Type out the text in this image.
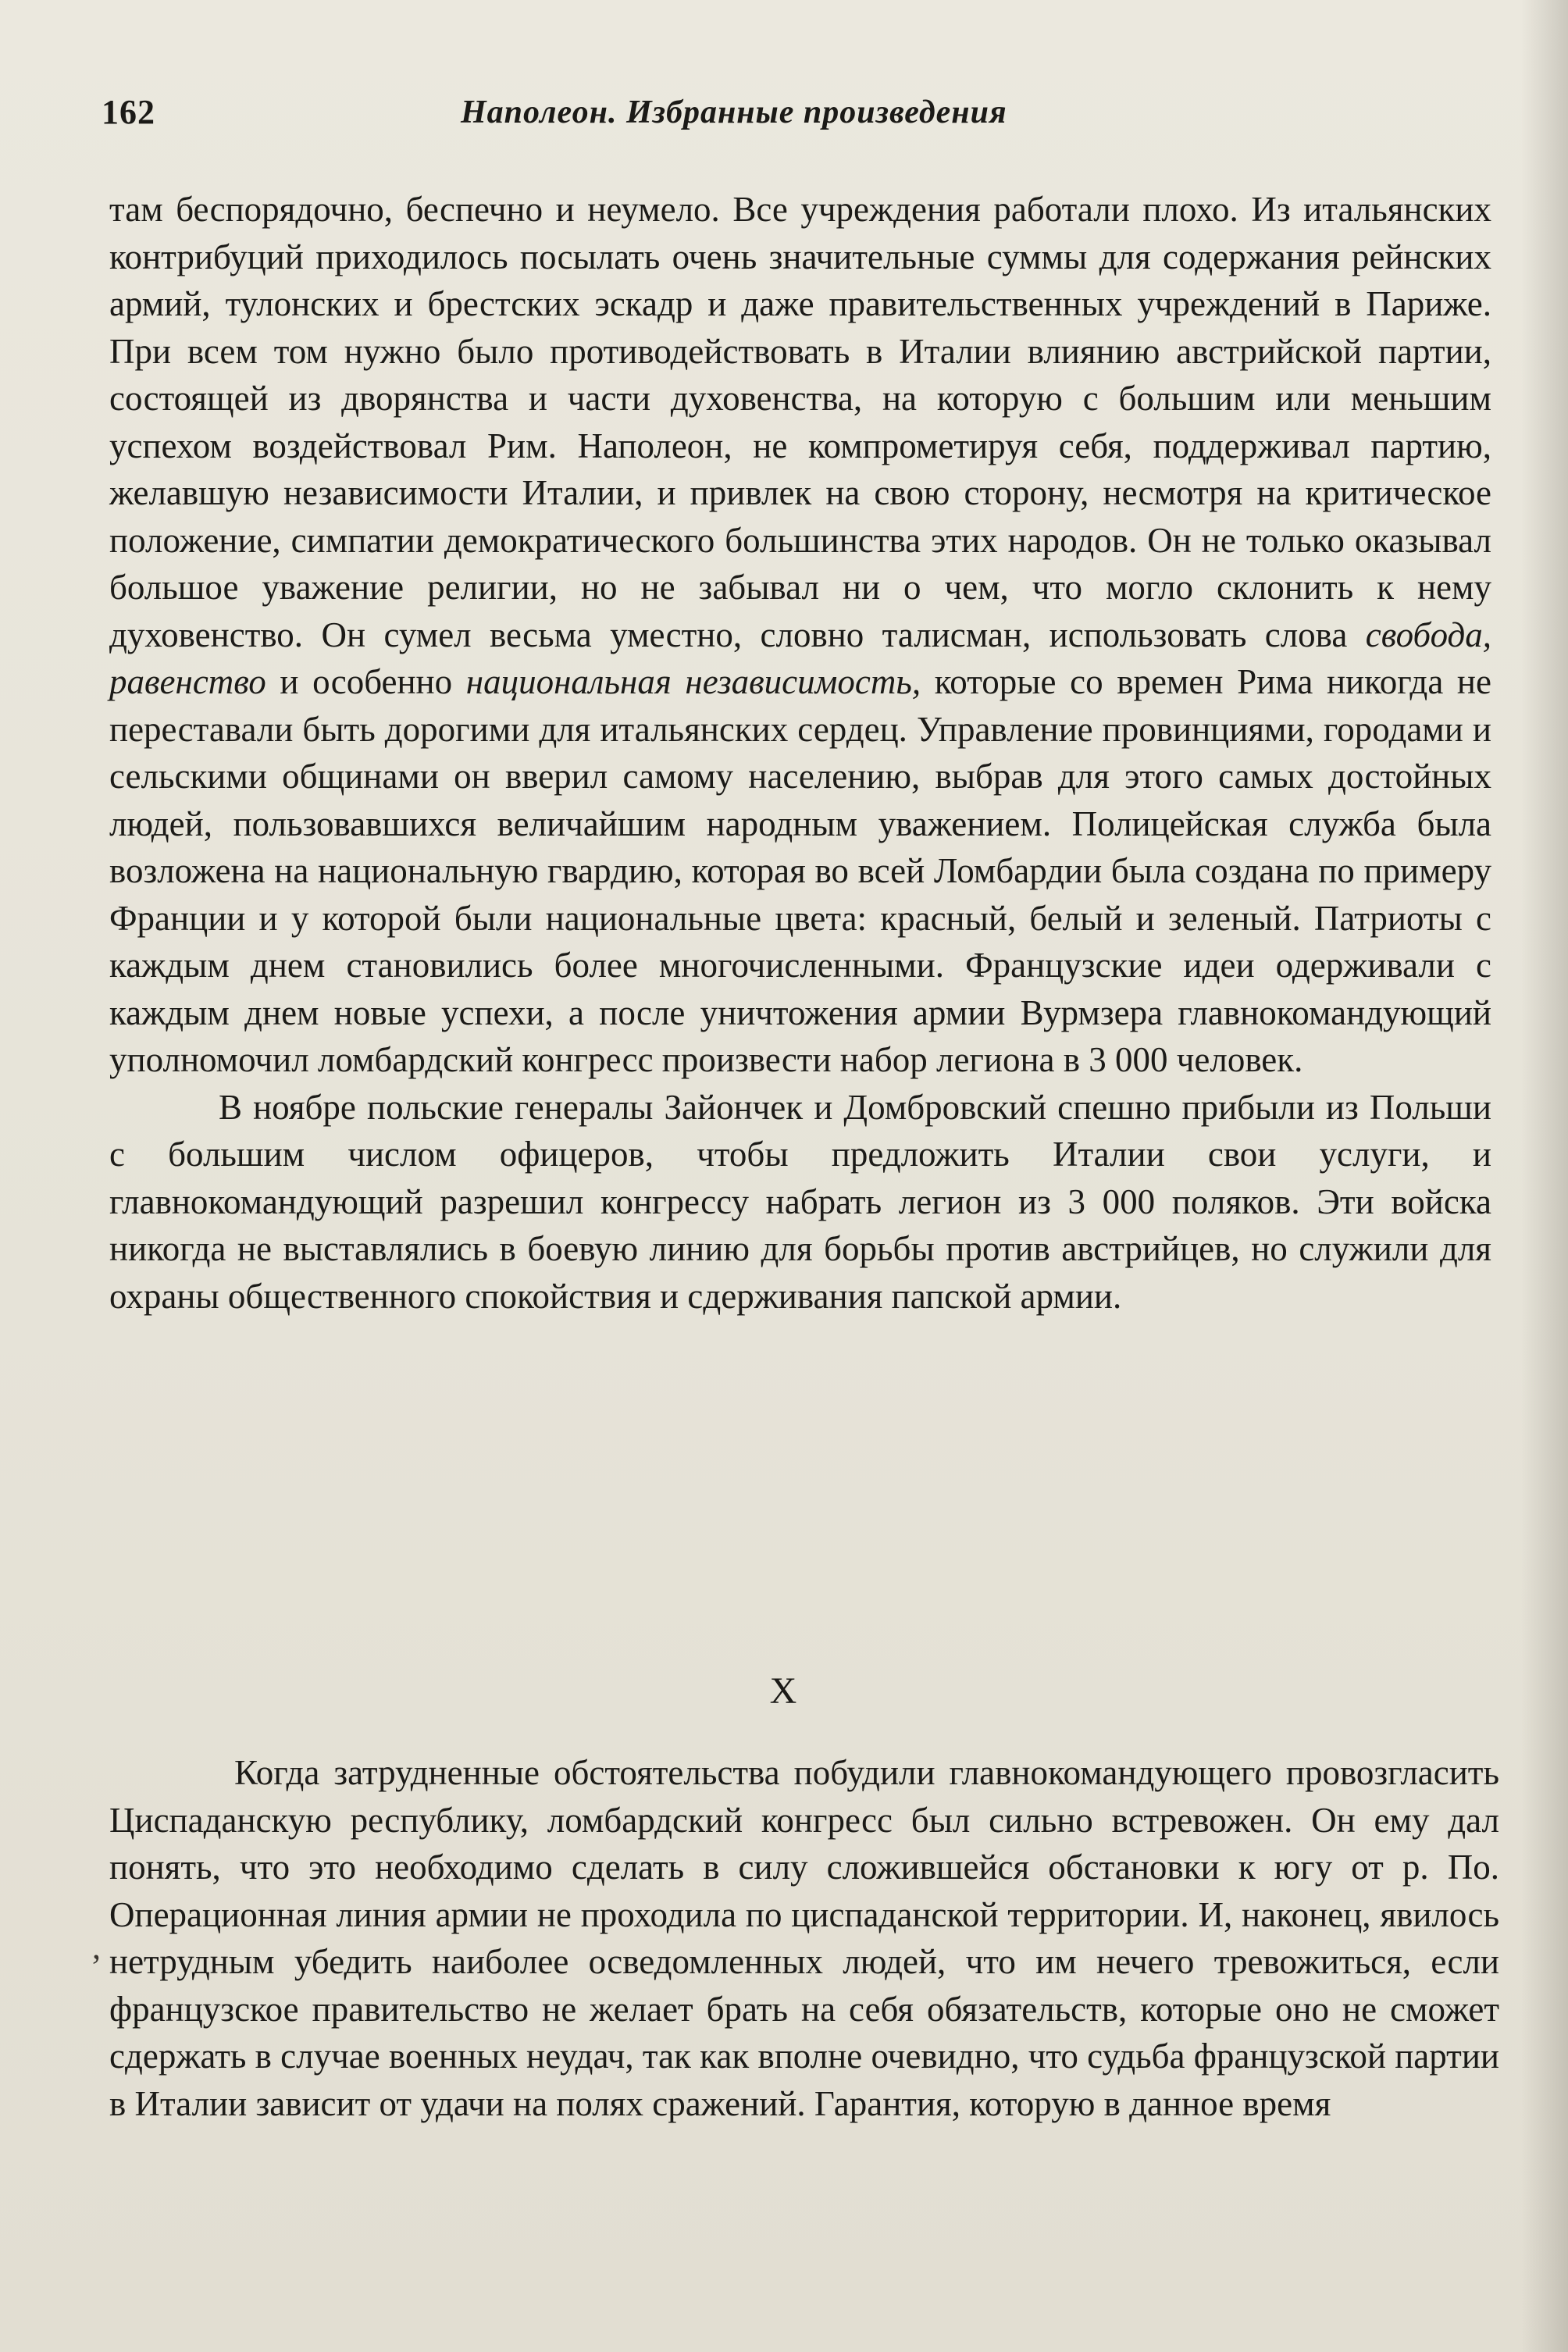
162	Наполеон. Избранные произведения

там беспорядочно, беспечно и неумело. Все учреждения работали плохо. Из итальянских контрибуций приходилось посылать очень значительные суммы для содержания рейнских армий, тулонских и брестских эскадр и даже правительственных учреждений в Париже. При всем том нужно было противодействовать в Италии влиянию австрийской партии, состоящей из дворянства и части духовенства, на которую с большим или меньшим успехом воздействовал Рим. Наполеон, не компрометируя себя, поддерживал партию, желавшую независимости Италии, и привлек на свою сторону, несмотря на критическое положение, симпатии демократического большинства этих народов. Он не только оказывал большое уважение религии, но не забывал ни о чем, что могло склонить к нему духовенство. Он сумел весьма уместно, словно талисман, использовать слова свобода, равенство и особенно национальная независимость, которые со времен Рима никогда не переставали быть дорогими для итальянских сердец. Управление провинциями, городами и сельскими общинами он вверил самому населению, выбрав для этого самых достойных людей, пользовавшихся величайшим народным уважением. Полицейская служба была возложена на национальную гвардию, которая во всей Ломбардии была создана по примеру Франции и у которой были национальные цвета: красный, белый и зеленый. Патриоты с каждым днем становились более многочисленными. Французские идеи одерживали с каждым днем новые успехи, а после уничтожения армии Вурмзера главнокомандующий уполномочил ломбардский конгресс произвести набор легиона в 3 000 человек.

В ноябре польские генералы Зайончек и Домбровский спешно прибыли из Польши с большим числом офицеров, чтобы предложить Италии свои услуги, и главнокомандующий разрешил конгрессу набрать легион из 3 000 поляков. Эти войска никогда не выставлялись в боевую линию для борьбы против австрийцев, но служили для охраны общественного спокойствия и сдерживания папской армии.

X

Когда затрудненные обстоятельства побудили главнокомандующего провозгласить Циспаданскую республику, ломбардский конгресс был сильно встревожен. Он ему дал понять, что это необходимо сделать в силу сложившейся обстановки к югу от р. По. Операционная линия армии не проходила по циспаданской территории. И, наконец, явилось нетрудным убедить наиболее осведомленных людей, что им нечего тревожиться, если французское правительство не желает брать на себя обязательств, которые оно не сможет сдержать в случае военных неудач, так как вполне очевидно, что судьба французской партии в Италии зависит от удачи на полях сражений. Гарантия, которую в данное время

,
